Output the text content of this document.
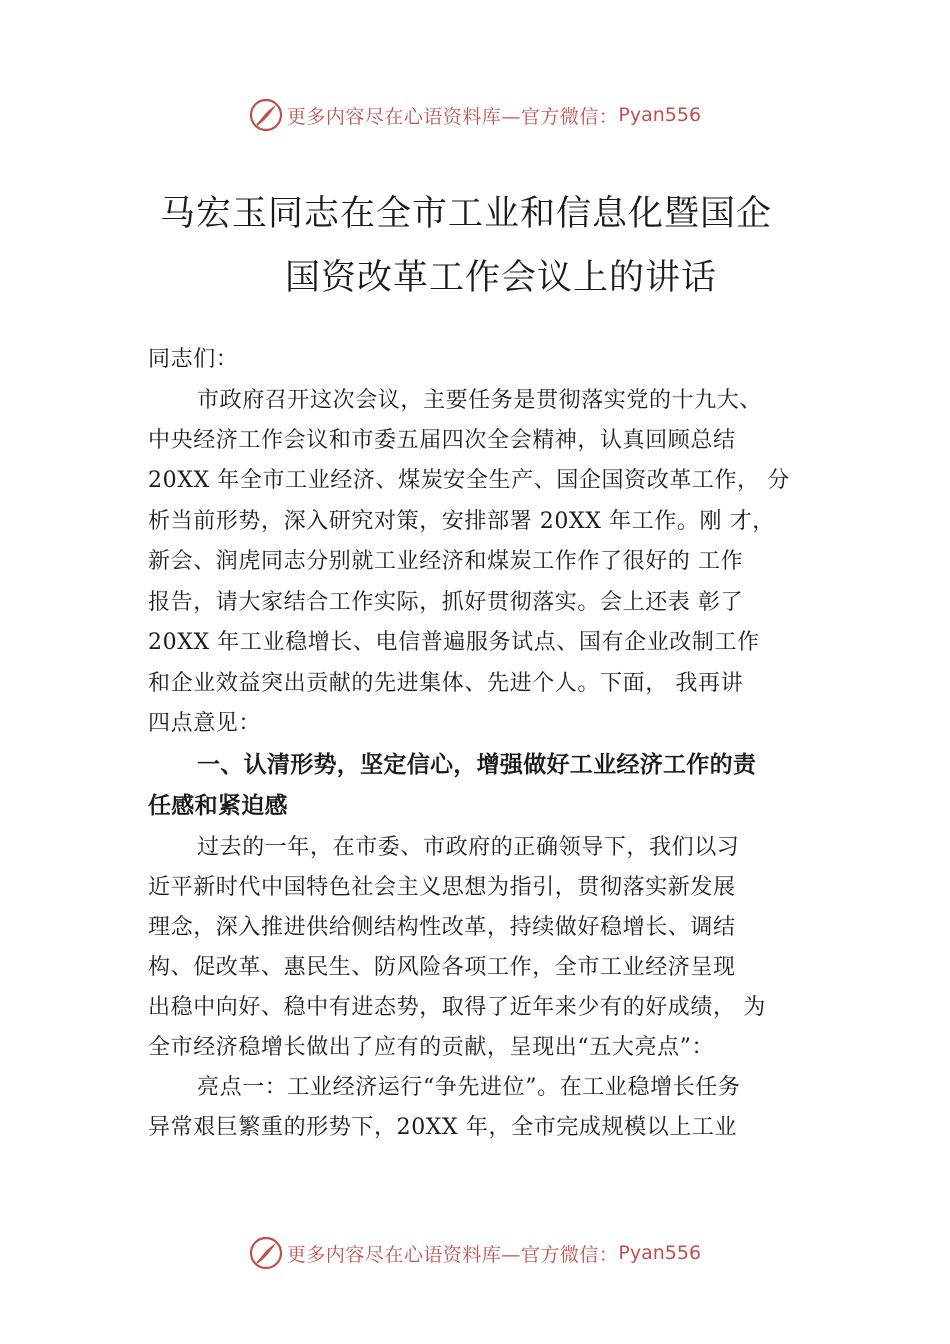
更多内容尽在心语资料库—官方微信： Pyan556
马宏玉同志在全市工业和信息化暨国企
国资改革工作会议上的讲话
同志们：
市政府召开这次会议，主要任务是贯彻落实党的十九大、
中央经济工作会议和市委五届四次全会精神，认真回顾总结
20XX 年全市工业经济、煤炭安全生产、国企国资改革工作， 分
析当前形势，深入研究对策，安排部署 20XX 年工作。刚 才，
新会、润虎同志分别就工业经济和煤炭工作作了很好的 工作
报告，请大家结合工作实际，抓好贯彻落实。会上还表 彰了
20XX 年工业稳增长、电信普遍服务试点、国有企业改制工作
和企业效益突出贡献的先进集体、先进个人。下面， 我再讲
四点意见：
一、认清形势，坚定信心，增强做好工业经济工作的责
任感和紧迫感
过去的一年，在市委、市政府的正确领导下，我们以习
近平新时代中国特色社会主义思想为指引，贯彻落实新发展
理念，深入推进供给侧结构性改革，持续做好稳增长、调结
构、促改革、惠民生、防风险各项工作，全市工业经济呈现
出稳中向好、稳中有进态势，取得了近年来少有的好成绩， 为
全市经济稳增长做出了应有的贡献，呈现出“五大亮点”：
亮点一：工业经济运行“争先进位”。在工业稳增长任务
异常艰巨繁重的形势下，20XX 年，全市完成规模以上工业
更多内容尽在心语资料库—官方微信： Pyan556
